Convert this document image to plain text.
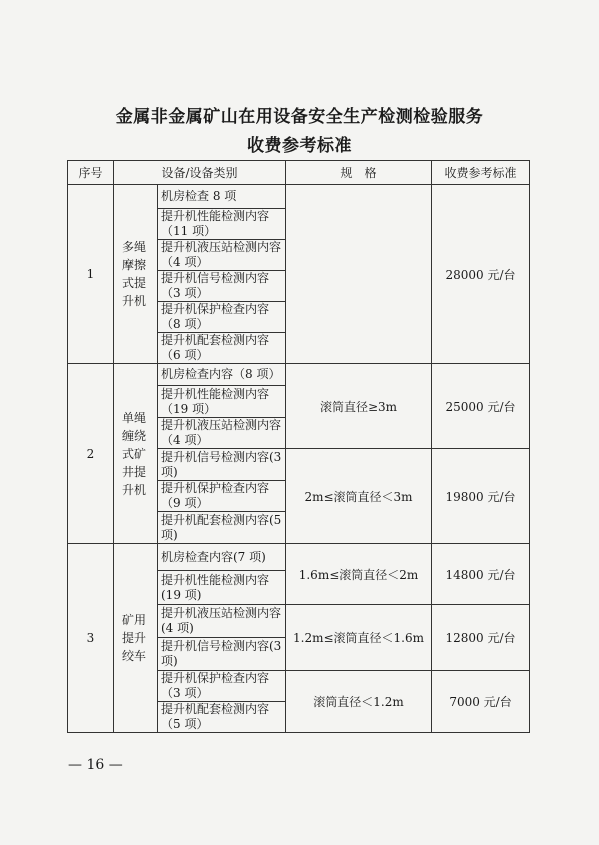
金属非金属矿山在用设备安全生产检测检验服务
收费参考标准
序号	设备/设备类别		规　格	收费参考标准
1	多绳摩擦式提升机	机房检查 8 项		28000 元/台
		提升机性能检测内容（11 项）		
		提升机液压站检测内容（4 项）		
		提升机信号检测内容（3 项）		
		提升机保护检查内容（8 项）		
		提升机配套检测内容（6 项）		
2	单绳缠绕式矿井提升机	机房检查内容（8 项）	滚筒直径≥3m	25000 元/台
		提升机性能检测内容（19 项）		
		提升机液压站检测内容（4 项）		
		提升机信号检测内容(3 项)	2m≤滚筒直径＜3m	19800 元/台
		提升机保护检查内容（9 项）		
		提升机配套检测内容(5 项)		
3	矿用提升绞车	机房检查内容(7 项)	1.6m≤滚筒直径＜2m	14800 元/台
		提升机性能检测内容(19 项)		
		提升机液压站检测内容(4 项)	1.2m≤滚筒直径＜1.6m	12800 元/台
		提升机信号检测内容(3 项)		
		提升机保护检查内容（3 项）	滚筒直径＜1.2m	7000 元/台
		提升机配套检测内容（5 项）		
— 16 —
